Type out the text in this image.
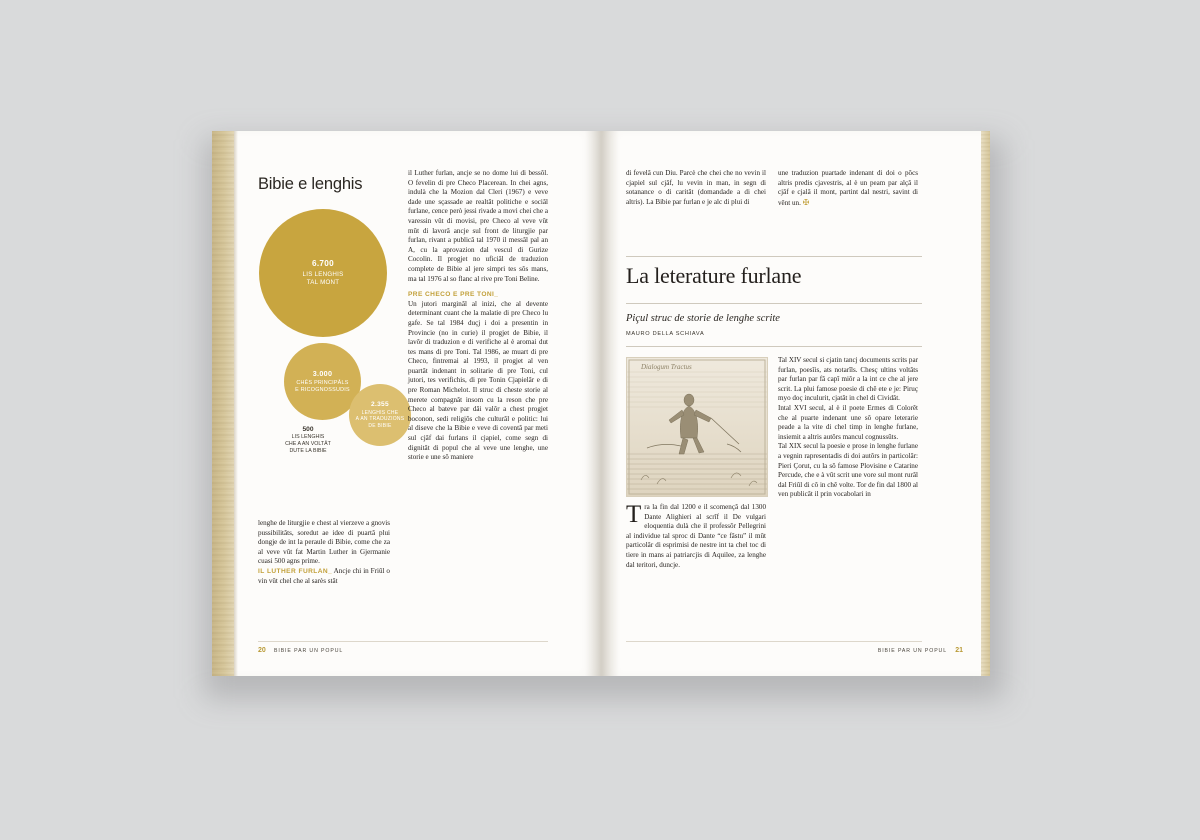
Bibie e lenghis
6.700
LIS LENGHIS
TAL MONT
3.000
CHÊS PRINCIPÂLS
E RICOGNOSSUDIS
2.355
LENGHIS CHE
A AN TRADUZIONS
DE BIBIE
500
LIS LENGHIS
CHE A AN VOLTÂT
DUTE LA BIBIE

lenghe de liturgjie e chest al vierzeve a gnovis pussibilitâts, soredut ae idee di puartâ plui dongje de int la peraule di Bibie, come che za al veve vût fat Martin Luther in Gjermanie cuasi 500 agns prime.

IL LUTHER FURLAN_ Ancje chi in Friûl o vin vût chel che al sarès stât

il Luther furlan, ancje se no dome lui di bessôl. O fevelin di pre Checo Placerean. In chei agns, indulà che la Mozion dal Cleri (1967) e veve dade une sçassade ae realtât politiche e sociâl furlane, cence però jessi rivade a movi chei che a varessin vût di movisi, pre Checo al veve vût mût di lavorâ ancje sul front de liturgjie par furlan, rivant a publicâ tal 1970 il messâl pal an A, cu la aprovazion dal vescul di Gurize Cocolin. Il progjet no uficiâl de traduzion complete de Bibie al jere simpri tes sôs mans, ma tal 1976 al so flanc al rive pre Toni Beline.

PRE CHECO E PRE TONI_

Un jutori marginâl al inizi, che al devente determinant cuant che la malatie di pre Checo lu gafe. Se tal 1984 duçj i doi a presentin in Provincie (no in curie) il progjet de Bibie, il lavôr di traduzion e di verifiche al è aromai dut tes mans di pre Toni. Tal 1986, ae muart di pre Checo, fintremai al 1993, il progjet al ven puartât indenant in solitarie di pre Toni, cul jutori, tes verifichis, di pre Tonin Cjapielâr e di pre Roman Michelot. Il struc di cheste storie al merete compagnât insom cu la reson che pre Checo al bateve par dâi valôr a chest progjet boconon, sedi religjôs che culturâl e politic: lui al diseve che la Bibie e veve di coventâ par meti sul cjâf dai furlans il cjapiel, come segn di dignitât di popul che al veve une lenghe, une storie e une sô maniere

20 BIBIE PAR UN POPUL

di fevelâ cun Diu. Parcè che chei che no vevin il cjapiel sul cjâf, lu vevin in man, in segn di sotanance o di caritât (domandade a di chei altris). La Bibie par furlan e je alc di plui di

une traduzion puartade indenant di doi o pôcs altris predis cjavestris, al è un peam par alçâ il cjâf e cjalâ il mont, partint dal nestri, savint di vênt un. ✠

La leterature furlane
Piçul struc de storie de lenghe scrite
MAURO DELLA SCHIAVA
Dialogum Tractus
T ra la fin dal 1200 e il scomençâ dal 1300 Dante Alighieri al scrîf il De vulgari eloquentia dulà che il professôr Pellegrini al individue tal sproc di Dante “ce fâstu” il mût particolâr di esprimisi de nestre int ta chel toc di tiere in mans ai patriarcjis di Aquilee, za lenghe dal teritori, duncje.

Tal XIV secul si cjatin tancj documents scrits par furlan, poesîis, ats notarîls. Chesç ultins voltâts par furlan par fâ capî miôr a la int ce che al jere scrit. La plui famose poesie di chê ete e je: Piruç myo doç inculurit, cjatât in chel di Cividât.

Intal XVI secul, al è il poete Ermes di Colorêt che al puarte indenant une sô opare leterarie peade a la vite di chel timp in lenghe furlane, insiemit a altris autôrs mancul cognussûts.

Tal XIX secul la poesie e prose in lenghe furlane a vegnin rapresentadis di doi autôrs in particolâr: Pieri Çorut, cu la sô famose Plovisine e Catarine Percude, che e à vût scrit une vore sul mont rurâl dal Friûl di cô in chê volte. Tor de fin dal 1800 al ven publicât il prin vocabolari in

21
BIBIE PAR UN POPUL
